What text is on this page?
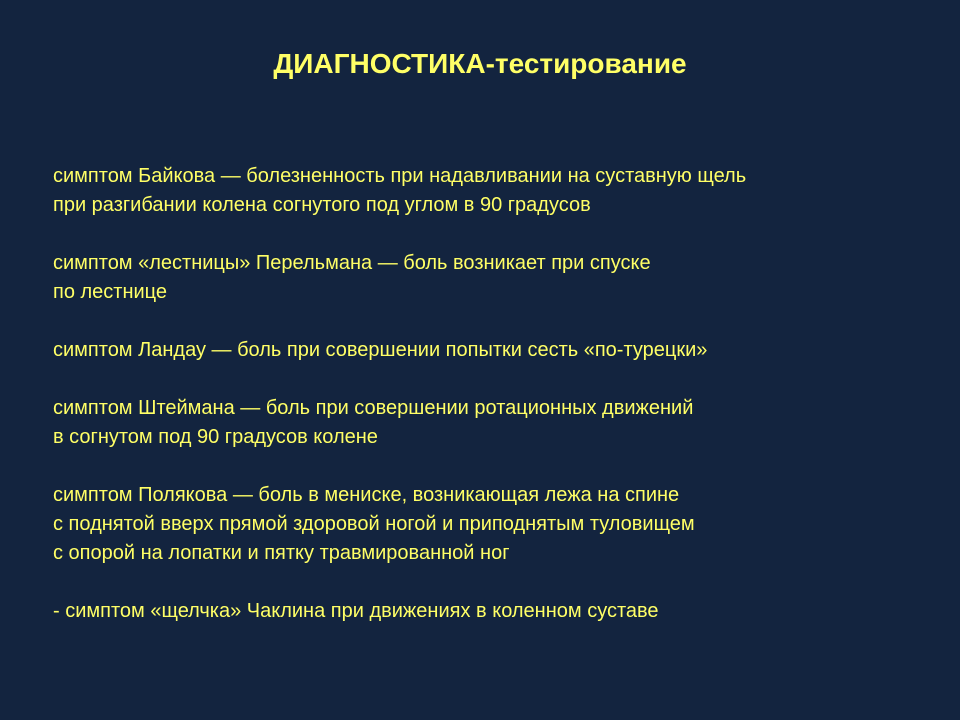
ДИАГНОСТИКА-тестирование
симптом Байкова — болезненность при надавливании на суставную щель
при разгибании колена согнутого под углом в 90 градусов
симптом «лестницы» Перельмана — боль возникает при спуске
по лестнице
симптом Ландау — боль при совершении попытки сесть «по-турецки»
симптом Штеймана — боль при совершении ротационных движений
в согнутом под 90 градусов колене
симптом Полякова — боль в мениске, возникающая лежа на спине
с поднятой вверх прямой здоровой ногой и приподнятым туловищем
с опорой на лопатки и пятку травмированной ног
- симптом «щелчка» Чаклина при движениях в коленном суставе
